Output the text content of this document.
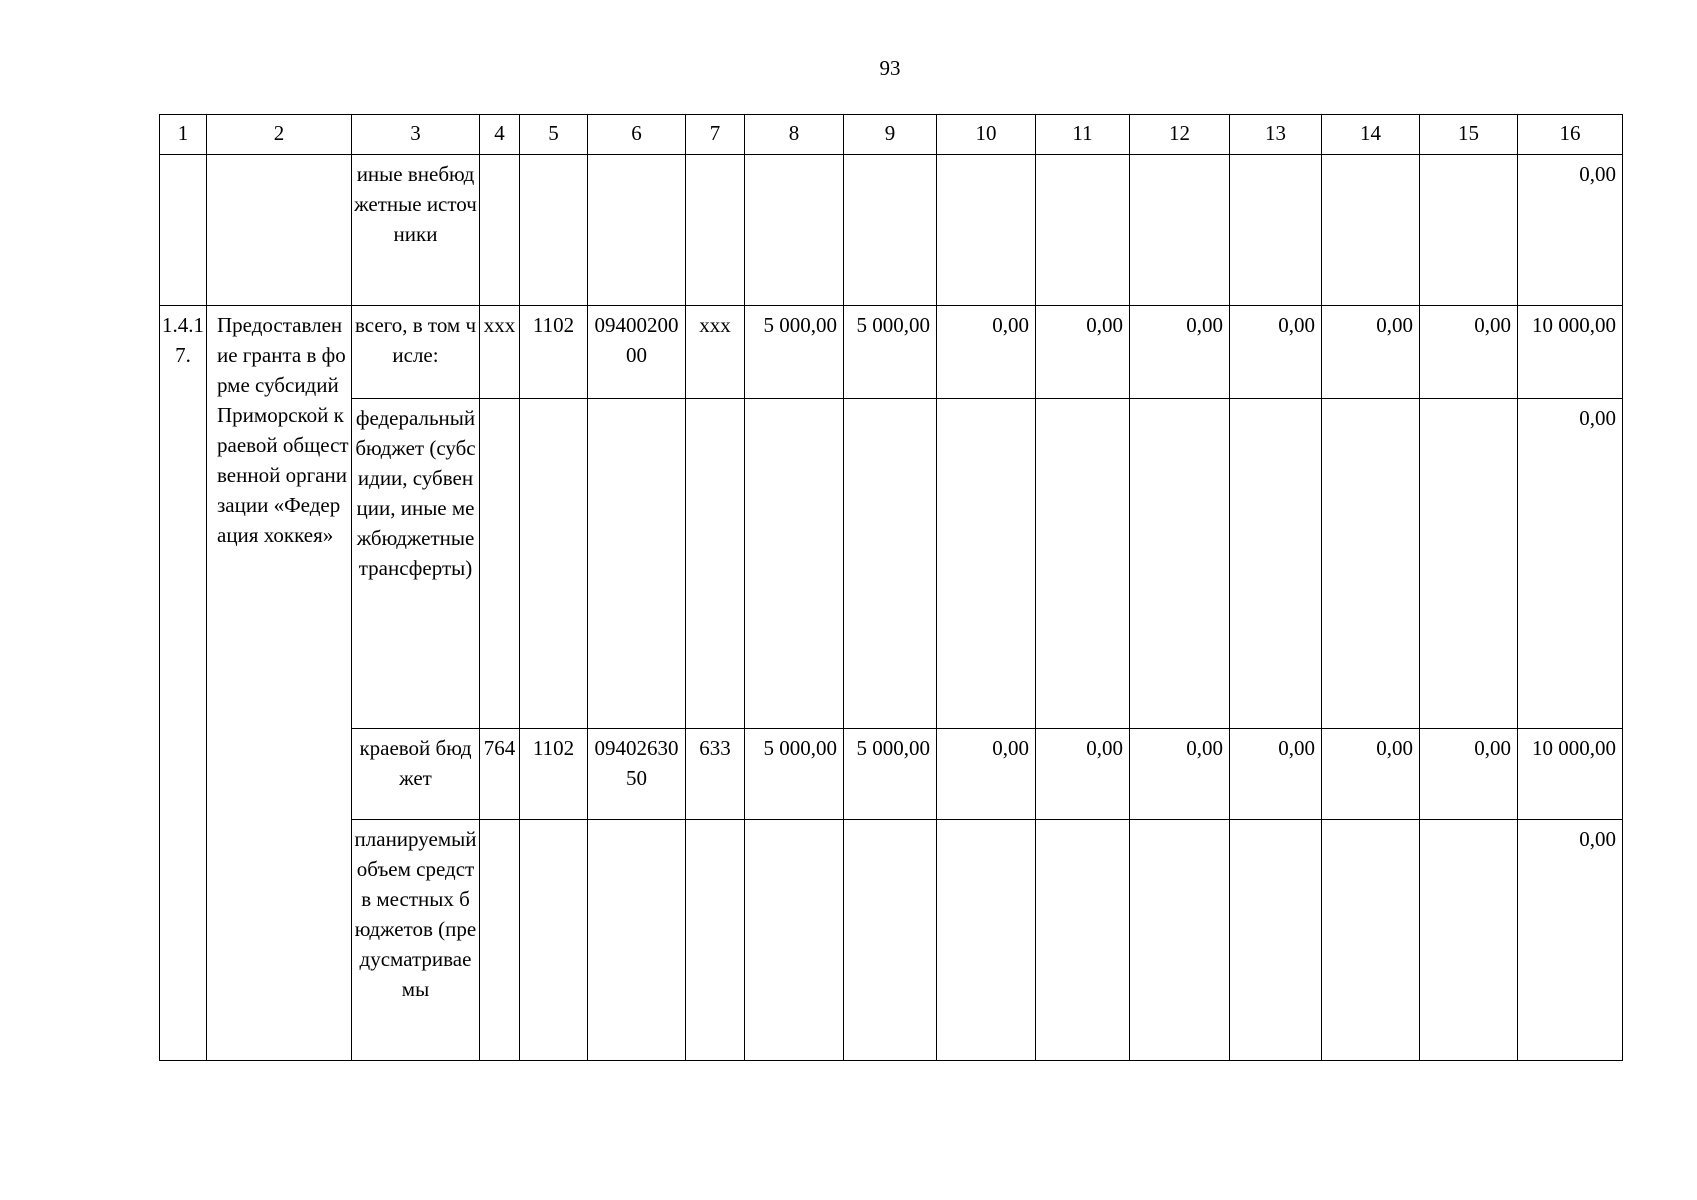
93
1	2	3	4	5	6	7	8	9	10	11	12	13	14	15	16
		иные внебюджетные источники													0,00
1.4.17.	Предоставление гранта в форме субсидий Приморской краевой общественной организации «Федерация хоккея»	всего, в том числе:	ххх	1102	0940020000	ххх	5 000,00	5 000,00	0,00	0,00	0,00	0,00	0,00	0,00	10 000,00
		федеральный бюджет (субсидии, субвенции, иные межбюджетные трансферты)													0,00
		краевой бюджет	764	1102	0940263050	633	5 000,00	5 000,00	0,00	0,00	0,00	0,00	0,00	0,00	10 000,00
		планируемый объем средств местных бюджетов (предусматриваемы													0,00
